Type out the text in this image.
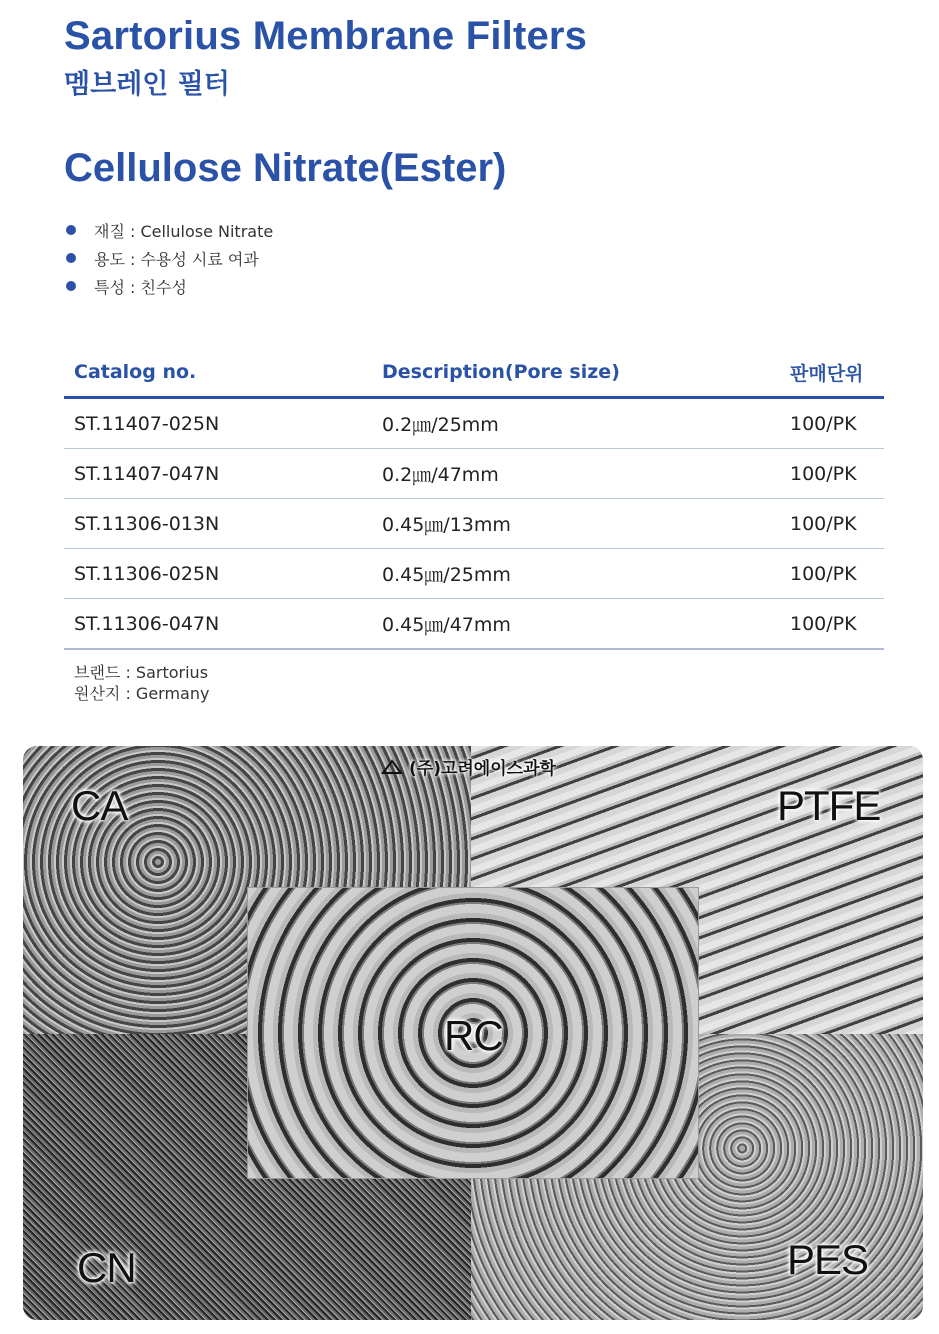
Sartorius Membrane Filters
멤브레인 필터
Cellulose Nitrate(Ester)
재질 : Cellulose Nitrate
용도 : 수용성 시료 여과
특성 : 친수성
Catalog no.	Description(Pore size)	판매단위
ST.11407-025N	0.2㎛/25mm	100/PK
ST.11407-047N	0.2㎛/47mm	100/PK
ST.11306-013N	0.45㎛/13mm	100/PK
ST.11306-025N	0.45㎛/25mm	100/PK
ST.11306-047N	0.45㎛/47mm	100/PK
브랜드 : Sartorius
원산지 : Germany
(주)고려에이스과학
CA	PTFE
RC
CN	PES
